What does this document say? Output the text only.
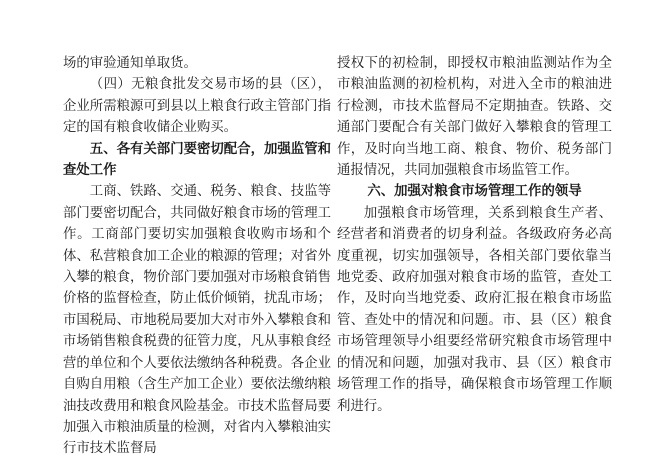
场的审验通知单取货。

（四）无粮食批发交易市场的县（区），企业所需粮源可到县以上粮食行政主管部门指定的国有粮食收储企业购买。

五、各有关部门要密切配合，加强监管和查处工作

工商、铁路、交通、税务、粮食、技监等部门要密切配合，共同做好粮食市场的管理工作。工商部门要切实加强粮食收购市场和个体、私营粮食加工企业的粮源的管理；对省外入攀的粮食，物价部门要加强对市场粮食销售价格的监督检查，防止低价倾销，扰乱市场；市国税局、市地税局要加大对市外入攀粮食和市场销售粮食税费的征管力度，凡从事粮食经营的单位和个人要依法缴纳各种税费。各企业自购自用粮（含生产加工企业）要依法缴纳粮油技改费用和粮食风险基金。市技术监督局要加强入市粮油质量的检测，对省内入攀粮油实行市技术监督局

授权下的初检制，即授权市粮油监测站作为全市粮油监测的初检机构，对进入全市的粮油进行检测，市技术监督局不定期抽查。铁路、交通部门要配合有关部门做好入攀粮食的管理工作，及时向当地工商、粮食、物价、税务部门通报情况，共同加强粮食市场监管工作。

六、加强对粮食市场管理工作的领导

加强粮食市场管理，关系到粮食生产者、经营者和消费者的切身利益。各级政府务必高度重视，切实加强领导，各相关部门要依靠当地党委、政府加强对粮食市场的监管，查处工作，及时向当地党委、政府汇报在粮食市场监管、查处中的情况和问题。市、县（区）粮食市场管理领导小组要经常研究粮食市场管理中的情况和问题，加强对我市、县（区）粮食市场管理工作的指导，确保粮食市场管理工作顺利进行。
